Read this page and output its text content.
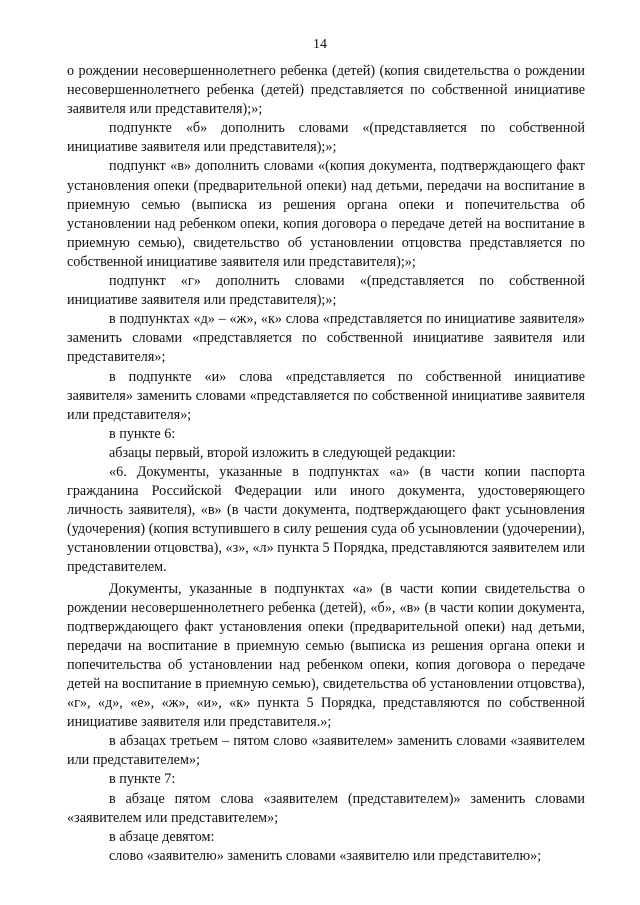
14

о рождении несовершеннолетнего ребенка (детей) (копия свидетельства о рождении несовершеннолетнего ребенка (детей) представляется по собственной инициативе заявителя или представителя);»;

подпункте «б» дополнить словами «(представляется по собственной инициативе заявителя или представителя);»;

подпункт «в» дополнить словами «(копия документа, подтверждающего факт установления опеки (предварительной опеки) над детьми, передачи на воспитание в приемную семью (выписка из решения органа опеки и попечительства об установлении над ребенком опеки, копия договора о передаче детей на воспитание в приемную семью), свидетельство об установлении отцовства представляется по собственной инициативе заявителя или представителя);»;

подпункт «г» дополнить словами «(представляется по собственной инициативе заявителя или представителя);»;

в подпунктах «д» – «ж», «к» слова «представляется по инициативе заявителя» заменить словами «представляется по собственной инициативе заявителя или представителя»;

в подпункте «и» слова «представляется по собственной инициативе заявителя» заменить словами «представляется по собственной инициативе заявителя или представителя»;

в пункте 6:

абзацы первый, второй изложить в следующей редакции:

«6. Документы, указанные в подпунктах «а» (в части копии паспорта гражданина Российской Федерации или иного документа, удостоверяющего личность заявителя), «в» (в части документа, подтверждающего факт усыновления (удочерения) (копия вступившего в силу решения суда об усыновлении (удочерении), установлении отцовства), «з», «л» пункта 5 Порядка, представляются заявителем или представителем.

Документы, указанные в подпунктах «а» (в части копии свидетельства о рождении несовершеннолетнего ребенка (детей), «б», «в» (в части копии документа, подтверждающего факт установления опеки (предварительной опеки) над детьми, передачи на воспитание в приемную семью (выписка из решения органа опеки и попечительства об установлении над ребенком опеки, копия договора о передаче детей на воспитание в приемную семью), свидетельства об установлении отцовства), «г», «д», «е», «ж», «и», «к» пункта 5 Порядка, представляются по собственной инициативе заявителя или представителя.»;

в абзацах третьем – пятом слово «заявителем» заменить словами «заявителем или представителем»;

в пункте 7:

в абзаце пятом слова «заявителем (представителем)» заменить словами «заявителем или представителем»;

в абзаце девятом:

слово «заявителю» заменить словами «заявителю или представителю»;
